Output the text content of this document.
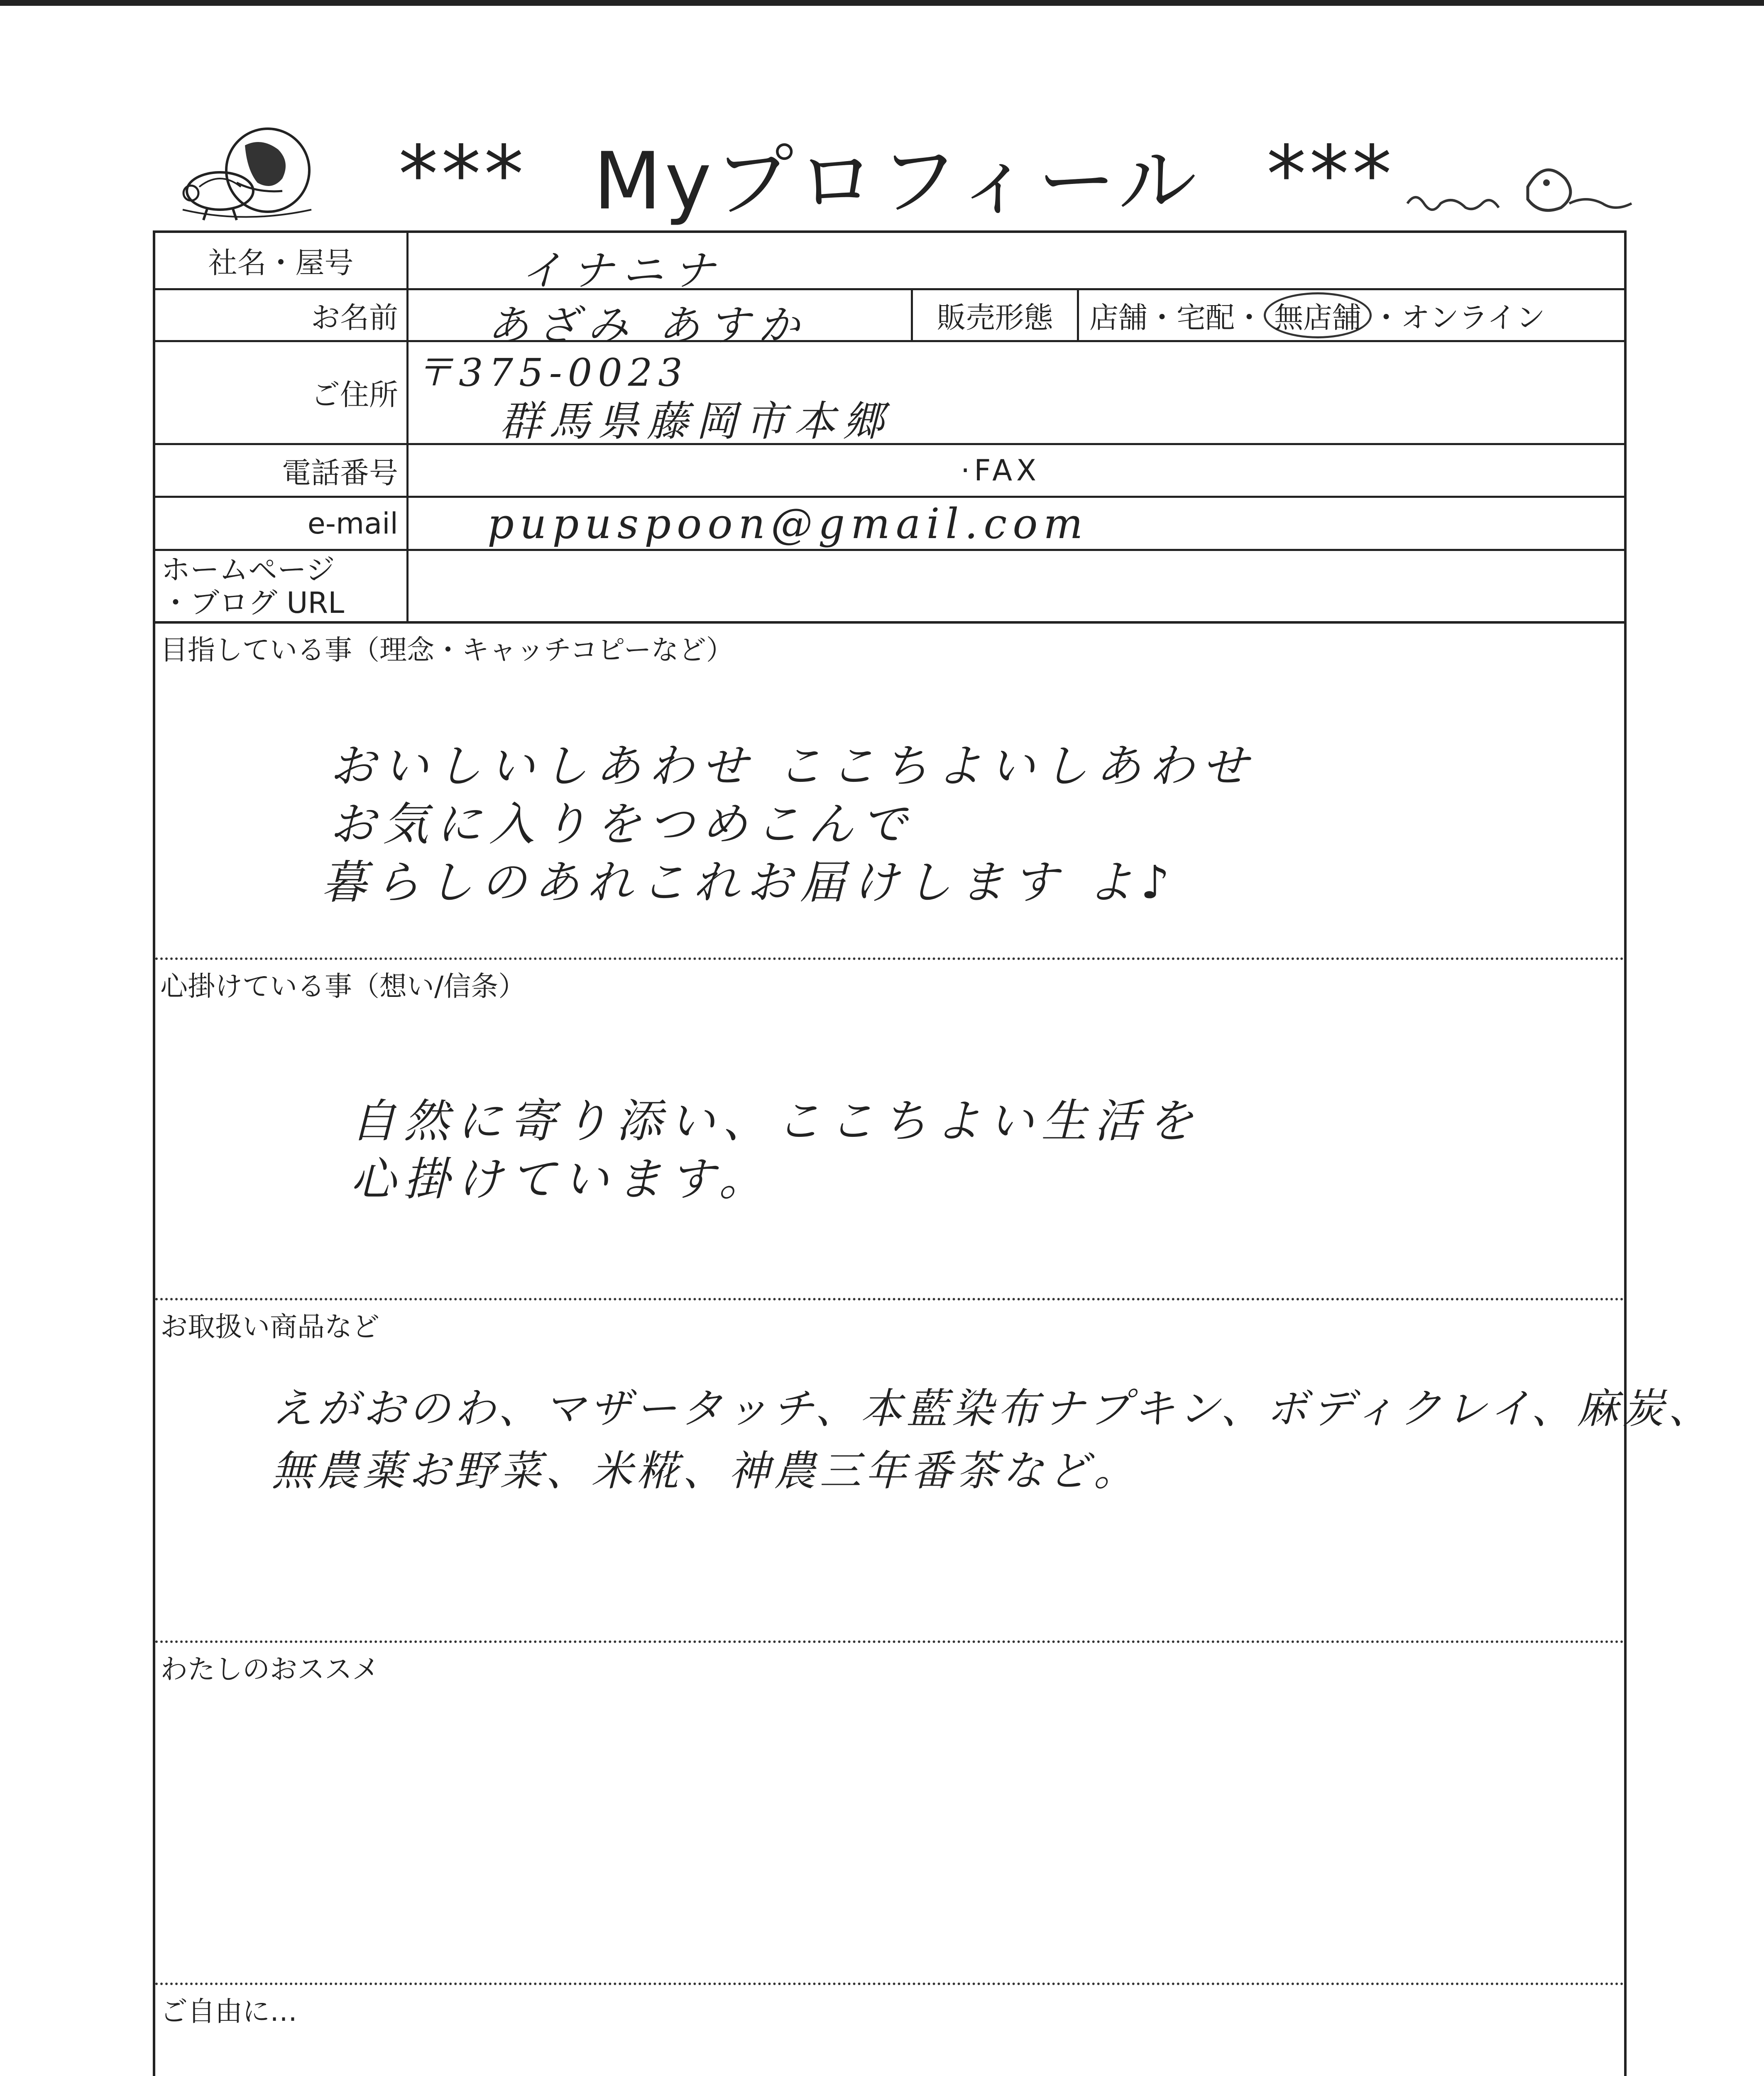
*** Myプロフィール ***
社名・屋号	イナニナ
お名前 あざみ あすか	販売形態	店舗 ・ 宅配 ・ 無店舗 ・ オンライン
ご住所 〒375-0023
群馬県藤岡市本郷
電話番号	· FAX
e-mail pupuspoon@gmail.com
ホームページ
・ブログ URL
目指している事（理念・キャッチコピーなど）
おいしいしあわせ ここちよいしあわせ
お気に入りをつめこんで
暮らしのあれこれお届けします よ♪
心掛けている事（想い/信条）
自然に寄り添い、ここちよい生活を
心掛けています。
お取扱い商品など
えがおのわ、マザータッチ、本藍染布ナプキン、ボディクレイ、麻炭、
無農薬お野菜、米糀、神農三年番茶など。
わたしのおススメ
ご自由に…
